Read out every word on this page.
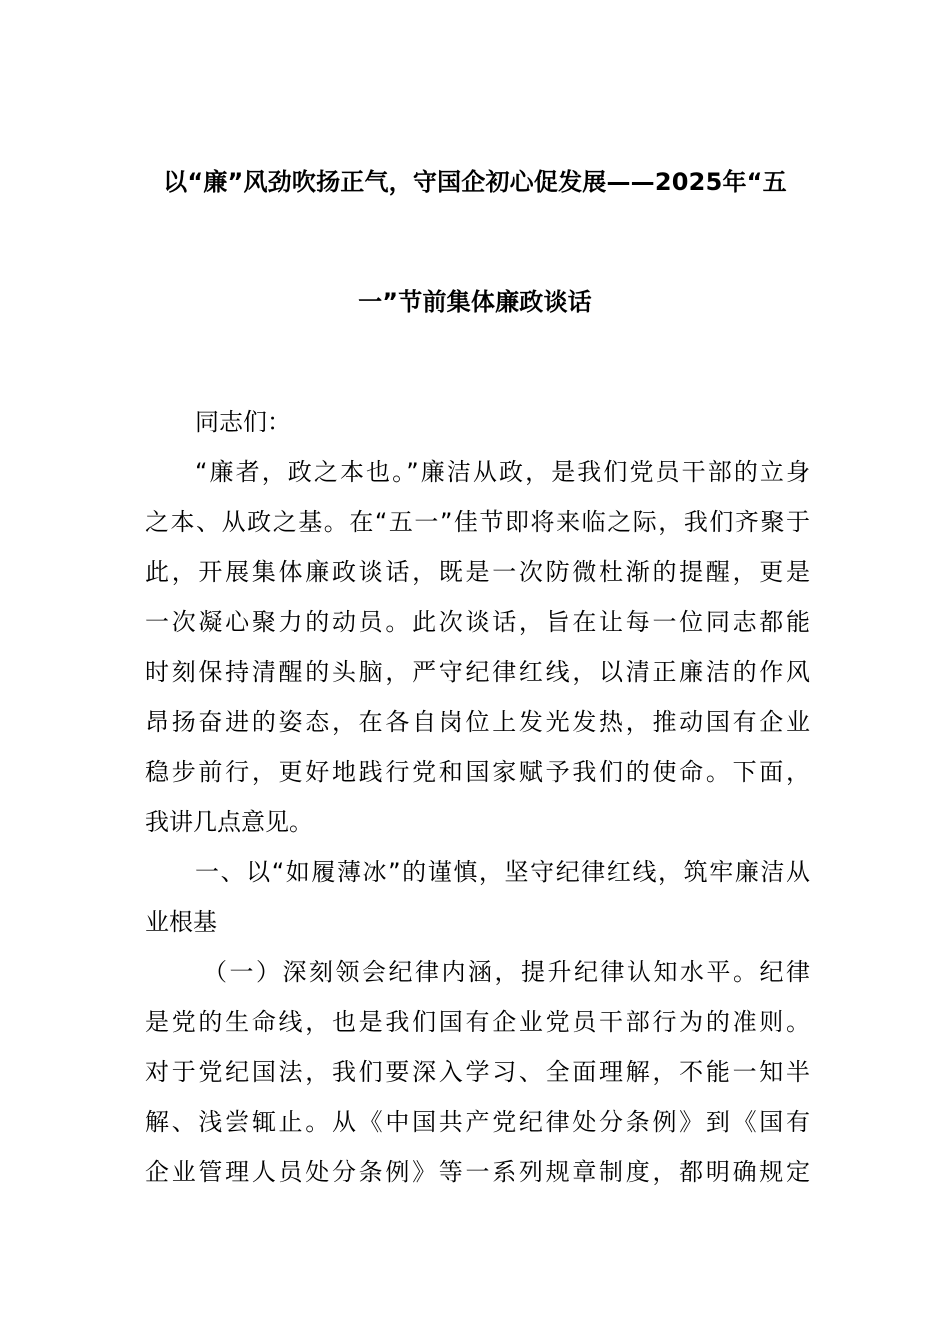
以“廉”风劲吹扬正气，守国企初心促发展——2025年“五
一”节前集体廉政谈话
同志们：
“廉者，政之本也。”廉洁从政，是我们党员干部的立身
之本、从政之基。在“五一”佳节即将来临之际，我们齐聚于
此，开展集体廉政谈话，既是一次防微杜渐的提醒，更是
一次凝心聚力的动员。此次谈话，旨在让每一位同志都能
时刻保持清醒的头脑，严守纪律红线，以清正廉洁的作风
昂扬奋进的姿态，在各自岗位上发光发热，推动国有企业
稳步前行，更好地践行党和国家赋予我们的使命。下面，
我讲几点意见。
一、以“如履薄冰”的谨慎，坚守纪律红线，筑牢廉洁从
业根基
（一）深刻领会纪律内涵，提升纪律认知水平。纪律
是党的生命线，也是我们国有企业党员干部行为的准则。
对于党纪国法，我们要深入学习、全面理解，不能一知半
解、浅尝辄止。从《中国共产党纪律处分条例》到《国有
企业管理人员处分条例》等一系列规章制度，都明确规定
